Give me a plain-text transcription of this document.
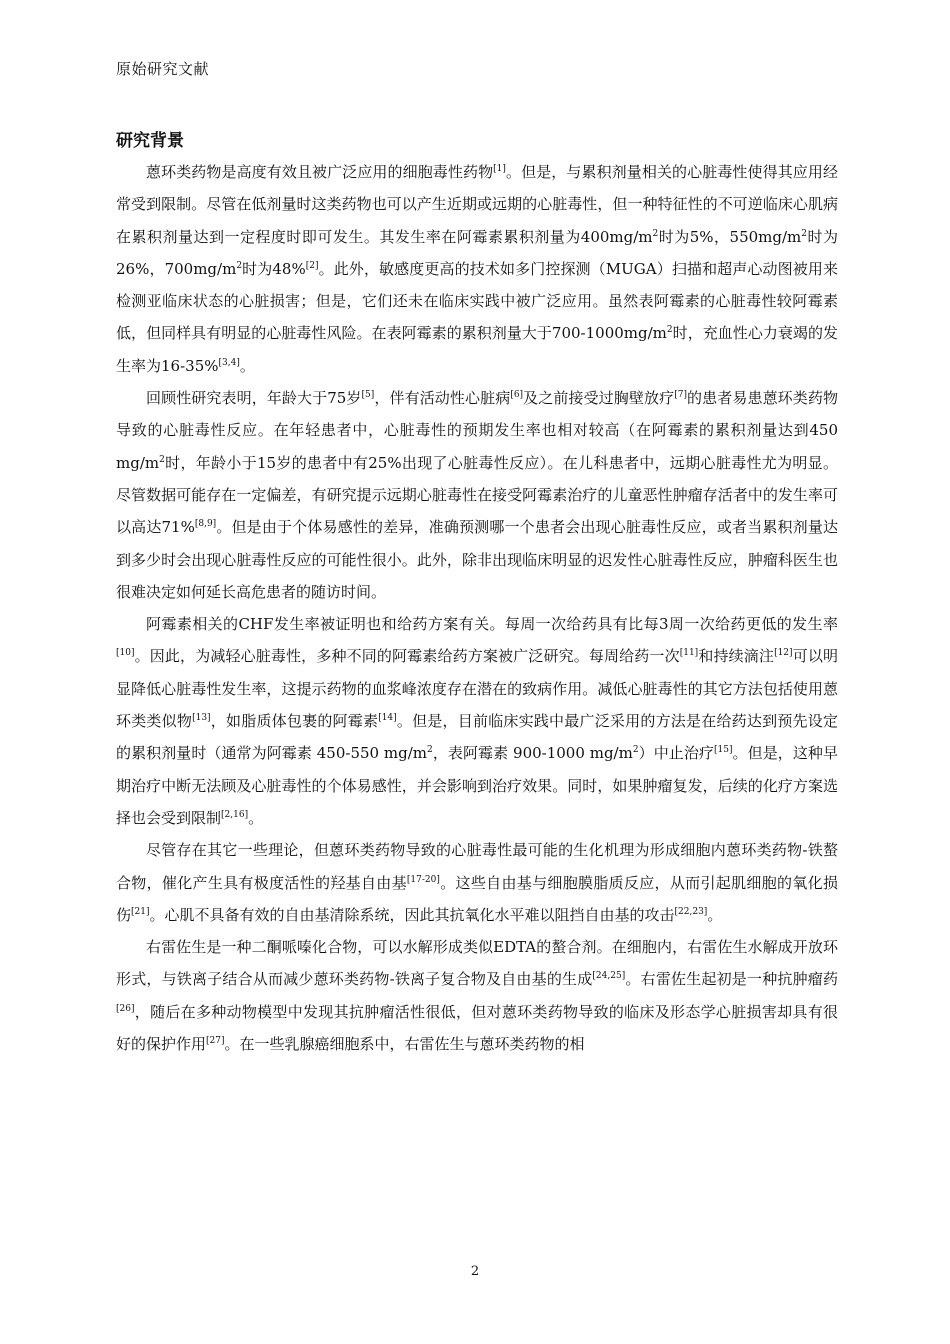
原始研究文献
研究背景

蒽环类药物是高度有效且被广泛应用的细胞毒性药物[1]。但是，与累积剂量相关的心脏毒性使得其应用经常受到限制。尽管在低剂量时这类药物也可以产生近期或远期的心脏毒性，但一种特征性的不可逆临床心肌病在累积剂量达到一定程度时即可发生。其发生率在阿霉素累积剂量为$400mg/m^2$时为5%，$550mg/m^2$时为26%，$700mg/m^2$时为48%[2]。此外，敏感度更高的技术如多门控探测（MUGA）扫描和超声心动图被用来检测亚临床状态的心脏损害；但是，它们还未在临床实践中被广泛应用。虽然表阿霉素的心脏毒性较阿霉素低，但同样具有明显的心脏毒性风险。在表阿霉素的累积剂量大于$700-1000mg/m^2$时，充血性心力衰竭的发生率为16-35%[3,4]。

回顾性研究表明，年龄大于75岁[5]，伴有活动性心脏病[6]及之前接受过胸壁放疗[7]的患者易患蒽环类药物导致的心脏毒性反应。在年轻患者中，心脏毒性的预期发生率也相对较高（在阿霉素的累积剂量达到450 $mg/m^2$时，年龄小于15岁的患者中有25%出现了心脏毒性反应）。在儿科患者中，远期心脏毒性尤为明显。尽管数据可能存在一定偏差，有研究提示远期心脏毒性在接受阿霉素治疗的儿童恶性肿瘤存活者中的发生率可以高达71%[8,9]。但是由于个体易感性的差异，准确预测哪一个患者会出现心脏毒性反应，或者当累积剂量达到多少时会出现心脏毒性反应的可能性很小。此外，除非出现临床明显的迟发性心脏毒性反应，肿瘤科医生也很难决定如何延长高危患者的随访时间。

阿霉素相关的CHF发生率被证明也和给药方案有关。每周一次给药具有比每3周一次给药更低的发生率[10]。因此，为减轻心脏毒性，多种不同的阿霉素给药方案被广泛研究。每周给药一次[11]和持续滴注[12]可以明显降低心脏毒性发生率，这提示药物的血浆峰浓度存在潜在的致病作用。减低心脏毒性的其它方法包括使用蒽环类类似物[13]，如脂质体包裹的阿霉素[14]。但是，目前临床实践中最广泛采用的方法是在给药达到预先设定的累积剂量时（通常为阿霉素 450-550 $mg/m^2$，表阿霉素 900-1000 $mg/m^2$）中止治疗[15]。但是，这种早期治疗中断无法顾及心脏毒性的个体易感性，并会影响到治疗效果。同时，如果肿瘤复发，后续的化疗方案选择也会受到限制[2,16]。

尽管存在其它一些理论，但蒽环类药物导致的心脏毒性最可能的生化机理为形成细胞内蒽环类药物-铁螯合物，催化产生具有极度活性的羟基自由基[17-20]。这些自由基与细胞膜脂质反应，从而引起肌细胞的氧化损伤[21]。心肌不具备有效的自由基清除系统，因此其抗氧化水平难以阻挡自由基的攻击[22,23]。

右雷佐生是一种二酮哌嗪化合物，可以水解形成类似EDTA的螯合剂。在细胞内，右雷佐生水解成开放环形式，与铁离子结合从而减少蒽环类药物-铁离子复合物及自由基的生成[24,25]。右雷佐生起初是一种抗肿瘤药[26]，随后在多种动物模型中发现其抗肿瘤活性很低，但对蒽环类药物导致的临床及形态学心脏损害却具有很好的保护作用[27]。在一些乳腺癌细胞系中，右雷佐生与蒽环类药物的相

2
